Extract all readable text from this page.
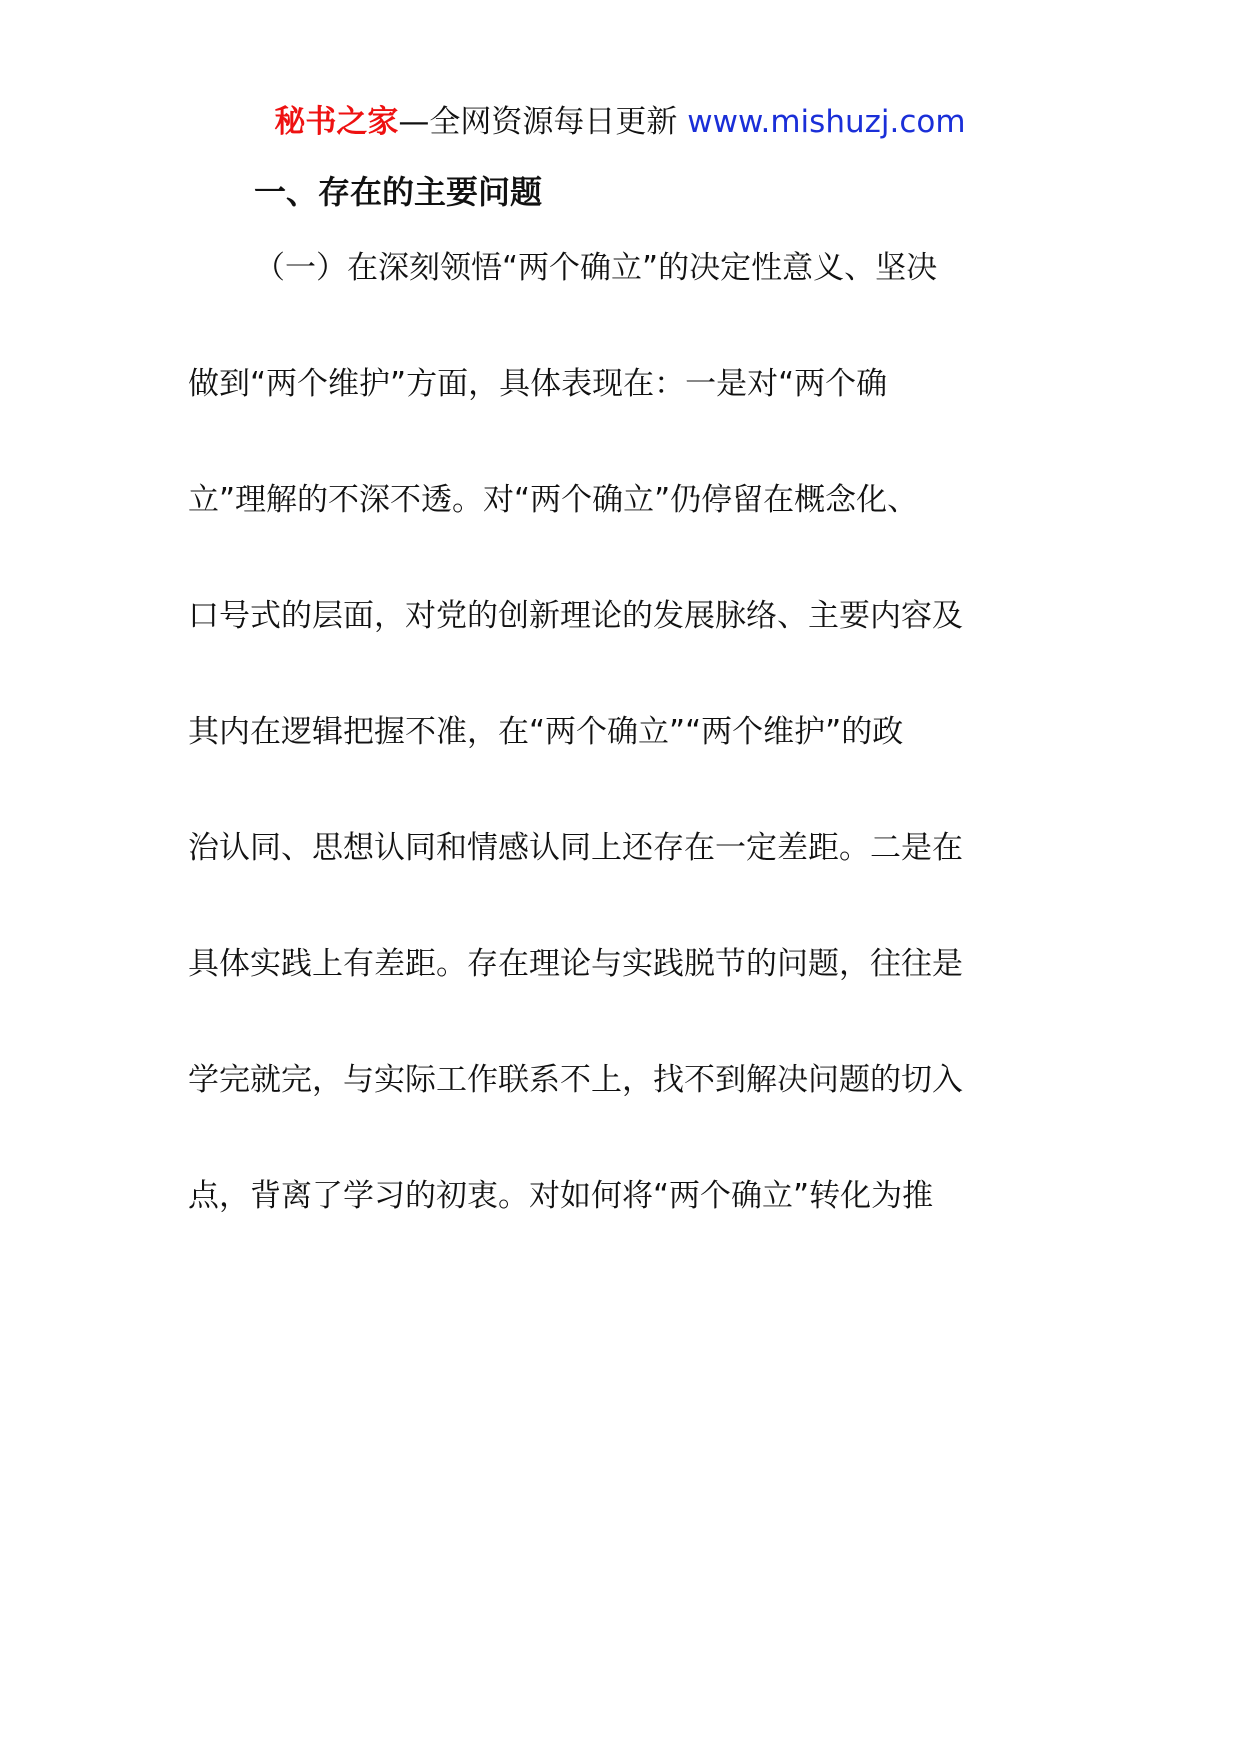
秘书之家—全网资源每日更新 www.mishuzj.com
一、存在的主要问题
（一）在深刻领悟“两个确立”的决定性意义、坚决
做到“两个维护”方面，具体表现在：一是对“两个确
立”理解的不深不透。对“两个确立”仍停留在概念化、
口号式的层面，对党的创新理论的发展脉络、主要内容及
其内在逻辑把握不准，在“两个确立”“两个维护”的政
治认同、思想认同和情感认同上还存在一定差距。二是在
具体实践上有差距。存在理论与实践脱节的问题，往往是
学完就完，与实际工作联系不上，找不到解决问题的切入
点，背离了学习的初衷。对如何将“两个确立”转化为推
